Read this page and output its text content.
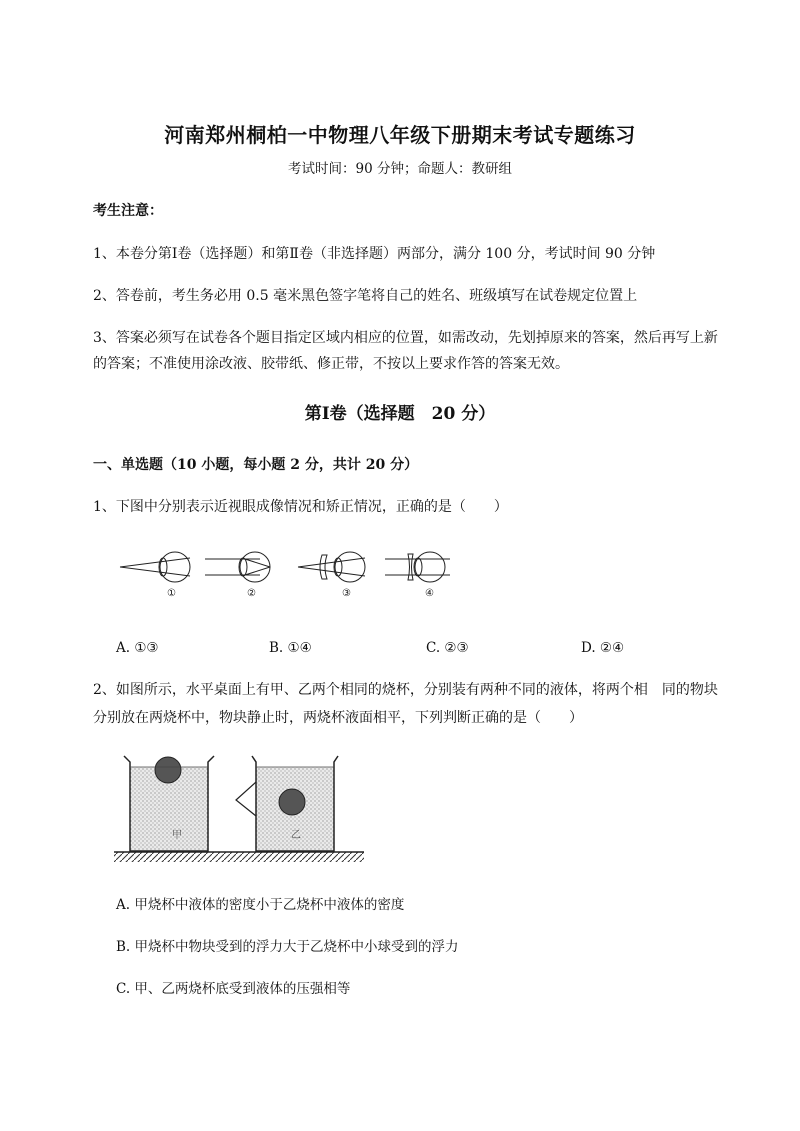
河南郑州桐柏一中物理八年级下册期末考试专题练习
考试时间：90 分钟；命题人：教研组
考生注意：
1、本卷分第Ⅰ卷（选择题）和第Ⅱ卷（非选择题）两部分，满分 100 分，考试时间 90 分钟
2、答卷前，考生务必用 0.5 毫米黑色签字笔将自己的姓名、班级填写在试卷规定位置上
3、答案必须写在试卷各个题目指定区域内相应的位置，如需改动，先划掉原来的答案，然后再写上新
的答案；不准使用涂改液、胶带纸、修正带，不按以上要求作答的答案无效。
第Ⅰ卷（选择题　20 分）
一、单选题（10 小题，每小题 2 分，共计 20 分）
1、下图中分别表示近视眼成像情况和矫正情况，正确的是（　　）
①	②	③	④
A. ①③	B. ①④	C. ②③	D. ②④
2、如图所示，水平桌面上有甲、乙两个相同的烧杯，分别装有两种不同的液体，将两个相　同的物块
分别放在两烧杯中，物块静止时，两烧杯液面相平，下列判断正确的是（　　）
甲	乙
A. 甲烧杯中液体的密度小于乙烧杯中液体的密度
B. 甲烧杯中物块受到的浮力大于乙烧杯中小球受到的浮力
C. 甲、乙两烧杯底受到液体的压强相等
